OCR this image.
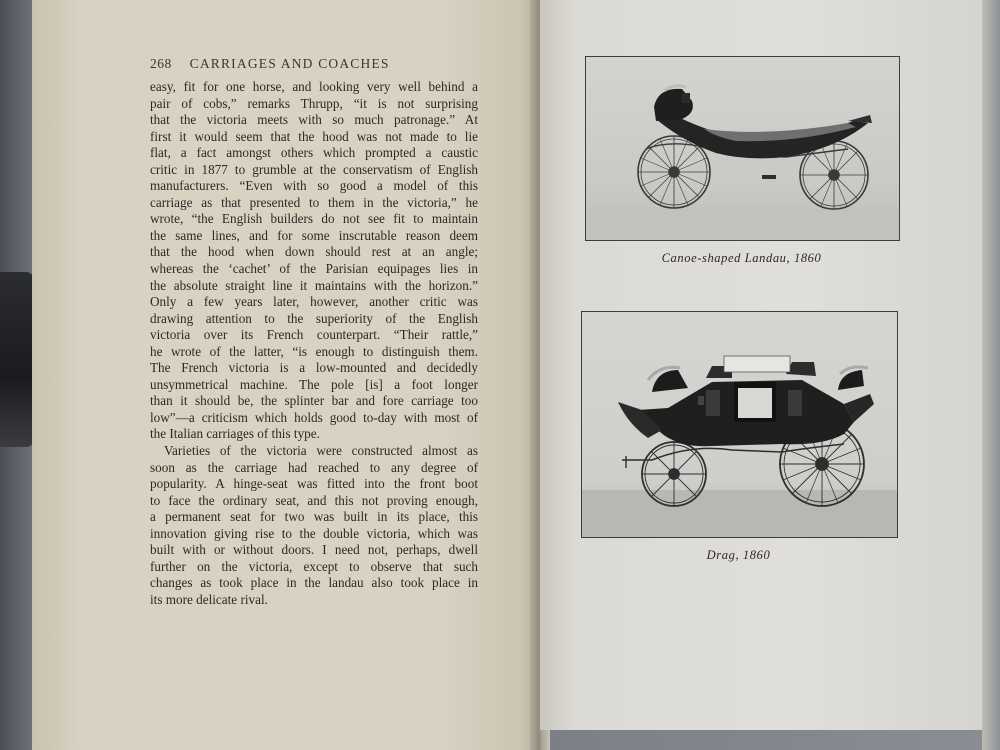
268 CARRIAGES AND COACHES
easy, fit for one horse, and looking very well behind a
pair of cobs,” remarks Thrupp, “it is not surprising
that the victoria meets with so much patronage.” At
first it would seem that the hood was not made to lie
flat, a fact amongst others which prompted a caustic
critic in 1877 to grumble at the conservatism of English
manufacturers. “Even with so good a model of this
carriage as that presented to them in the victoria,” he
wrote, “the English builders do not see fit to maintain
the same lines, and for some inscrutable reason deem
that the hood when down should rest at an angle;
whereas the ‘cachet’ of the Parisian equipages lies in
the absolute straight line it maintains with the horizon.”
Only a few years later, however, another critic was
drawing attention to the superiority of the English
victoria over its French counterpart. “Their rattle,”
he wrote of the latter, “is enough to distinguish them.
The French victoria is a low-mounted and decidedly
unsymmetrical machine. The pole [is] a foot longer
than it should be, the splinter bar and fore carriage too
low”—a criticism which holds good to-day with most of
the Italian carriages of this type.
Varieties of the victoria were constructed almost as
soon as the carriage had reached to any degree of
popularity. A hinge-seat was fitted into the front boot
to face the ordinary seat, and this not proving enough,
a permanent seat for two was built in its place, this
innovation giving rise to the double victoria, which was
built with or without doors. I need not, perhaps, dwell
further on the victoria, except to observe that such
changes as took place in the landau also took place in
its more delicate rival.
Canoe-shaped Landau, 1860
Drag, 1860
